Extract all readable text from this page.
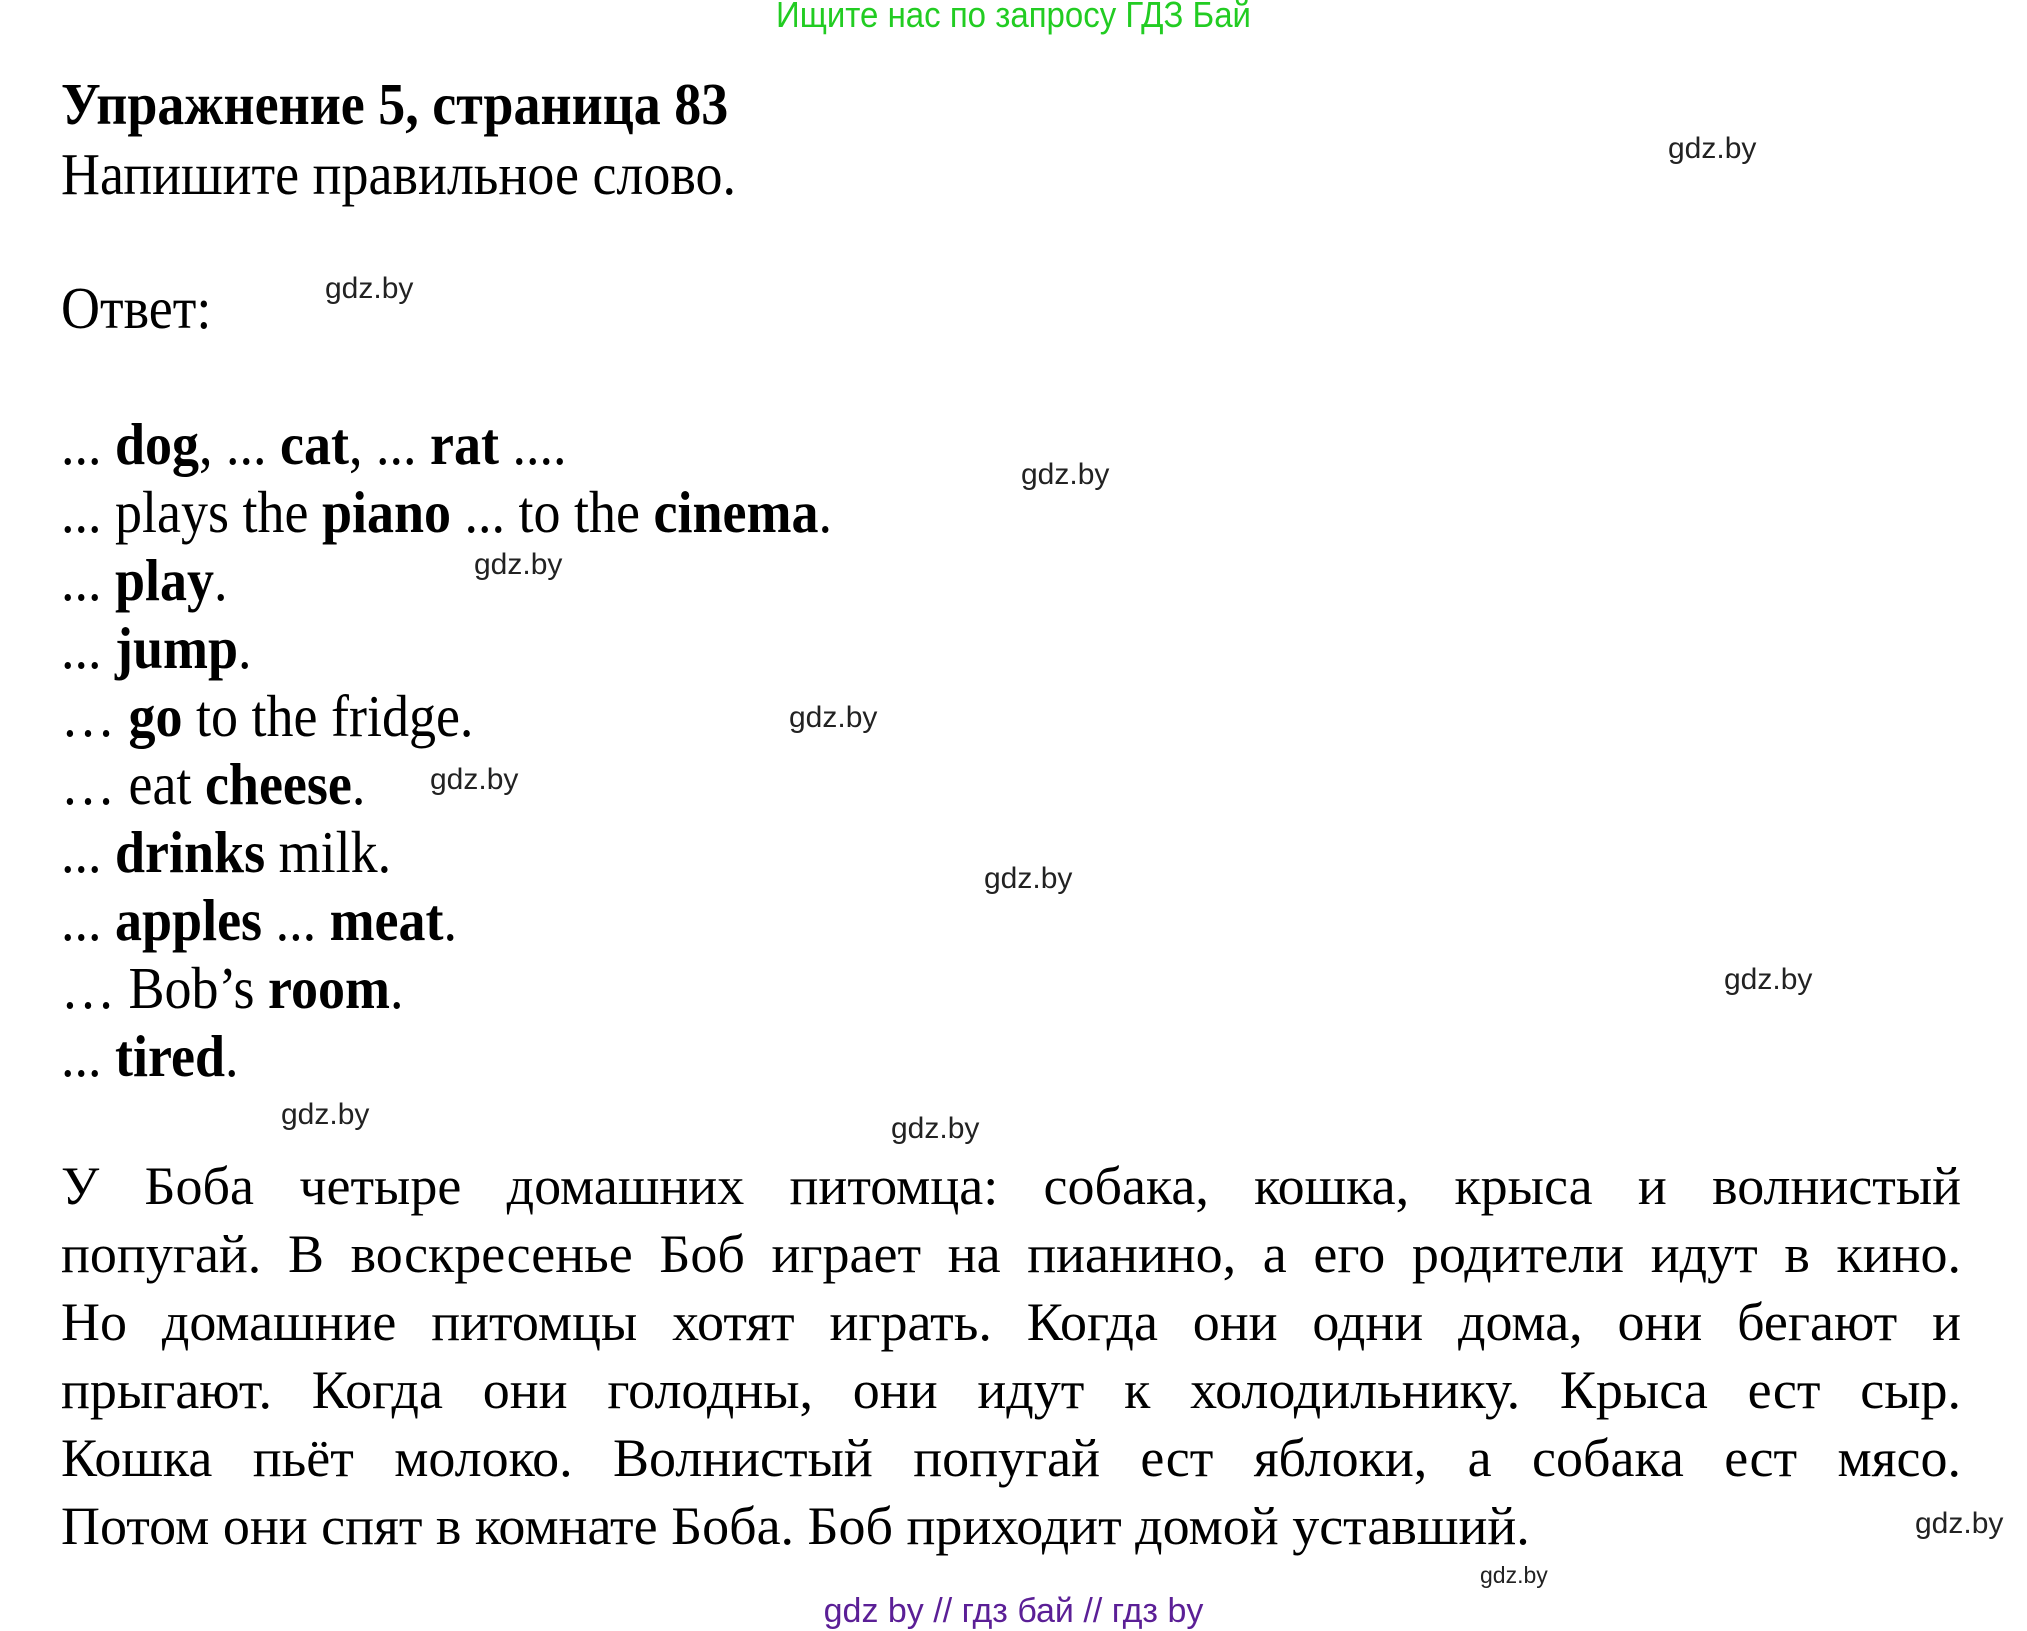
Ищите нас по запросу ГДЗ Бай
Упражнение 5, страница 83
Напишите правильное слово.
Ответ:
... dog, ... cat, ... rat ....
... plays the piano ... to the cinema.
... play.
... jump.
… go to the fridge.
… eat cheese.
... drinks milk.
... apples ... meat.
… Bob’s room.
... tired.
У Боба четыре домашних питомца: собака, кошка, крыса и волнистый
попугай. В воскресенье Боб играет на пианино, а его родители идут в кино.
Но домашние питомцы хотят играть. Когда они одни дома, они бегают и
прыгают. Когда они голодны, они идут к холодильнику. Крыса ест сыр.
Кошка пьёт молоко. Волнистый попугай ест яблоки, а собака ест мясо.
Потом они спят в комнате Боба. Боб приходит домой уставший.
gdz.by
gdz.by
gdz.by
gdz.by
gdz.by
gdz.by
gdz.by
gdz.by
gdz.by	gdz.by
gdz.by
gdz.by
gdz by // гдз бай // гдз by
